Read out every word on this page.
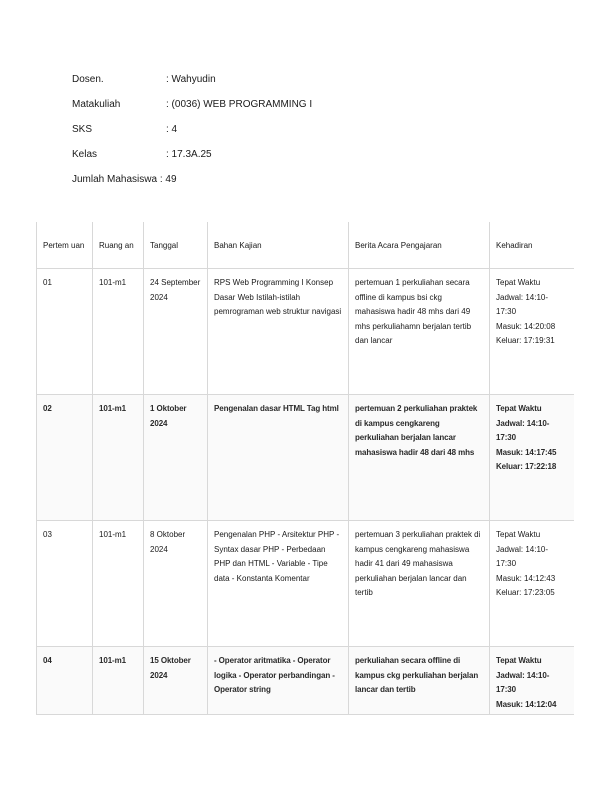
Dosen.	: Wahyudin
Matakuliah	: (0036) WEB PROGRAMMING I
SKS	: 4
Kelas	: 17.3A.25
Jumlah Mahasiswa : 49
Pertem uan	Ruang an	Tanggal	Bahan Kajian	Berita Acara Pengajaran	Kehadiran
01	101-m1	24 September 2024	RPS Web Programming I Konsep Dasar Web Istilah-istilah pemrograman web struktur navigasi	pertemuan 1 perkuliahan secara offline di kampus bsi ckg mahasiswa hadir 48 mhs dari 49 mhs perkuliahamn berjalan tertib dan lancar	Tepat Waktu
Jadwal: 14:10-17:30
Masuk: 14:20:08
Keluar: 17:19:31

02	101-m1	1 Oktober 2024	Pengenalan dasar HTML Tag html	pertemuan 2 perkuliahan praktek di kampus cengkareng perkuliahan berjalan lancar mahasiswa hadir 48 dari 48 mhs	Tepat Waktu
Jadwal: 14:10-17:30
Masuk: 14:17:45
Keluar: 17:22:18

03	101-m1	8 Oktober 2024	Pengenalan PHP - Arsitektur PHP - Syntax dasar PHP - Perbedaan PHP dan HTML - Variable - Tipe data - Konstanta Komentar	pertemuan 3 perkuliahan praktek di kampus cengkareng mahasiswa hadir 41 dari 49 mahasiswa perkuliahan berjalan lancar dan tertib	Tepat Waktu
Jadwal: 14:10-17:30
Masuk: 14:12:43
Keluar: 17:23:05

04	101-m1	15 Oktober 2024	- Operator aritmatika - Operator logika - Operator perbandingan - Operator string	perkuliahan secara offline di kampus ckg perkuliahan berjalan lancar dan tertib	Tepat Waktu
Jadwal: 14:10-17:30
Masuk: 14:12:04
